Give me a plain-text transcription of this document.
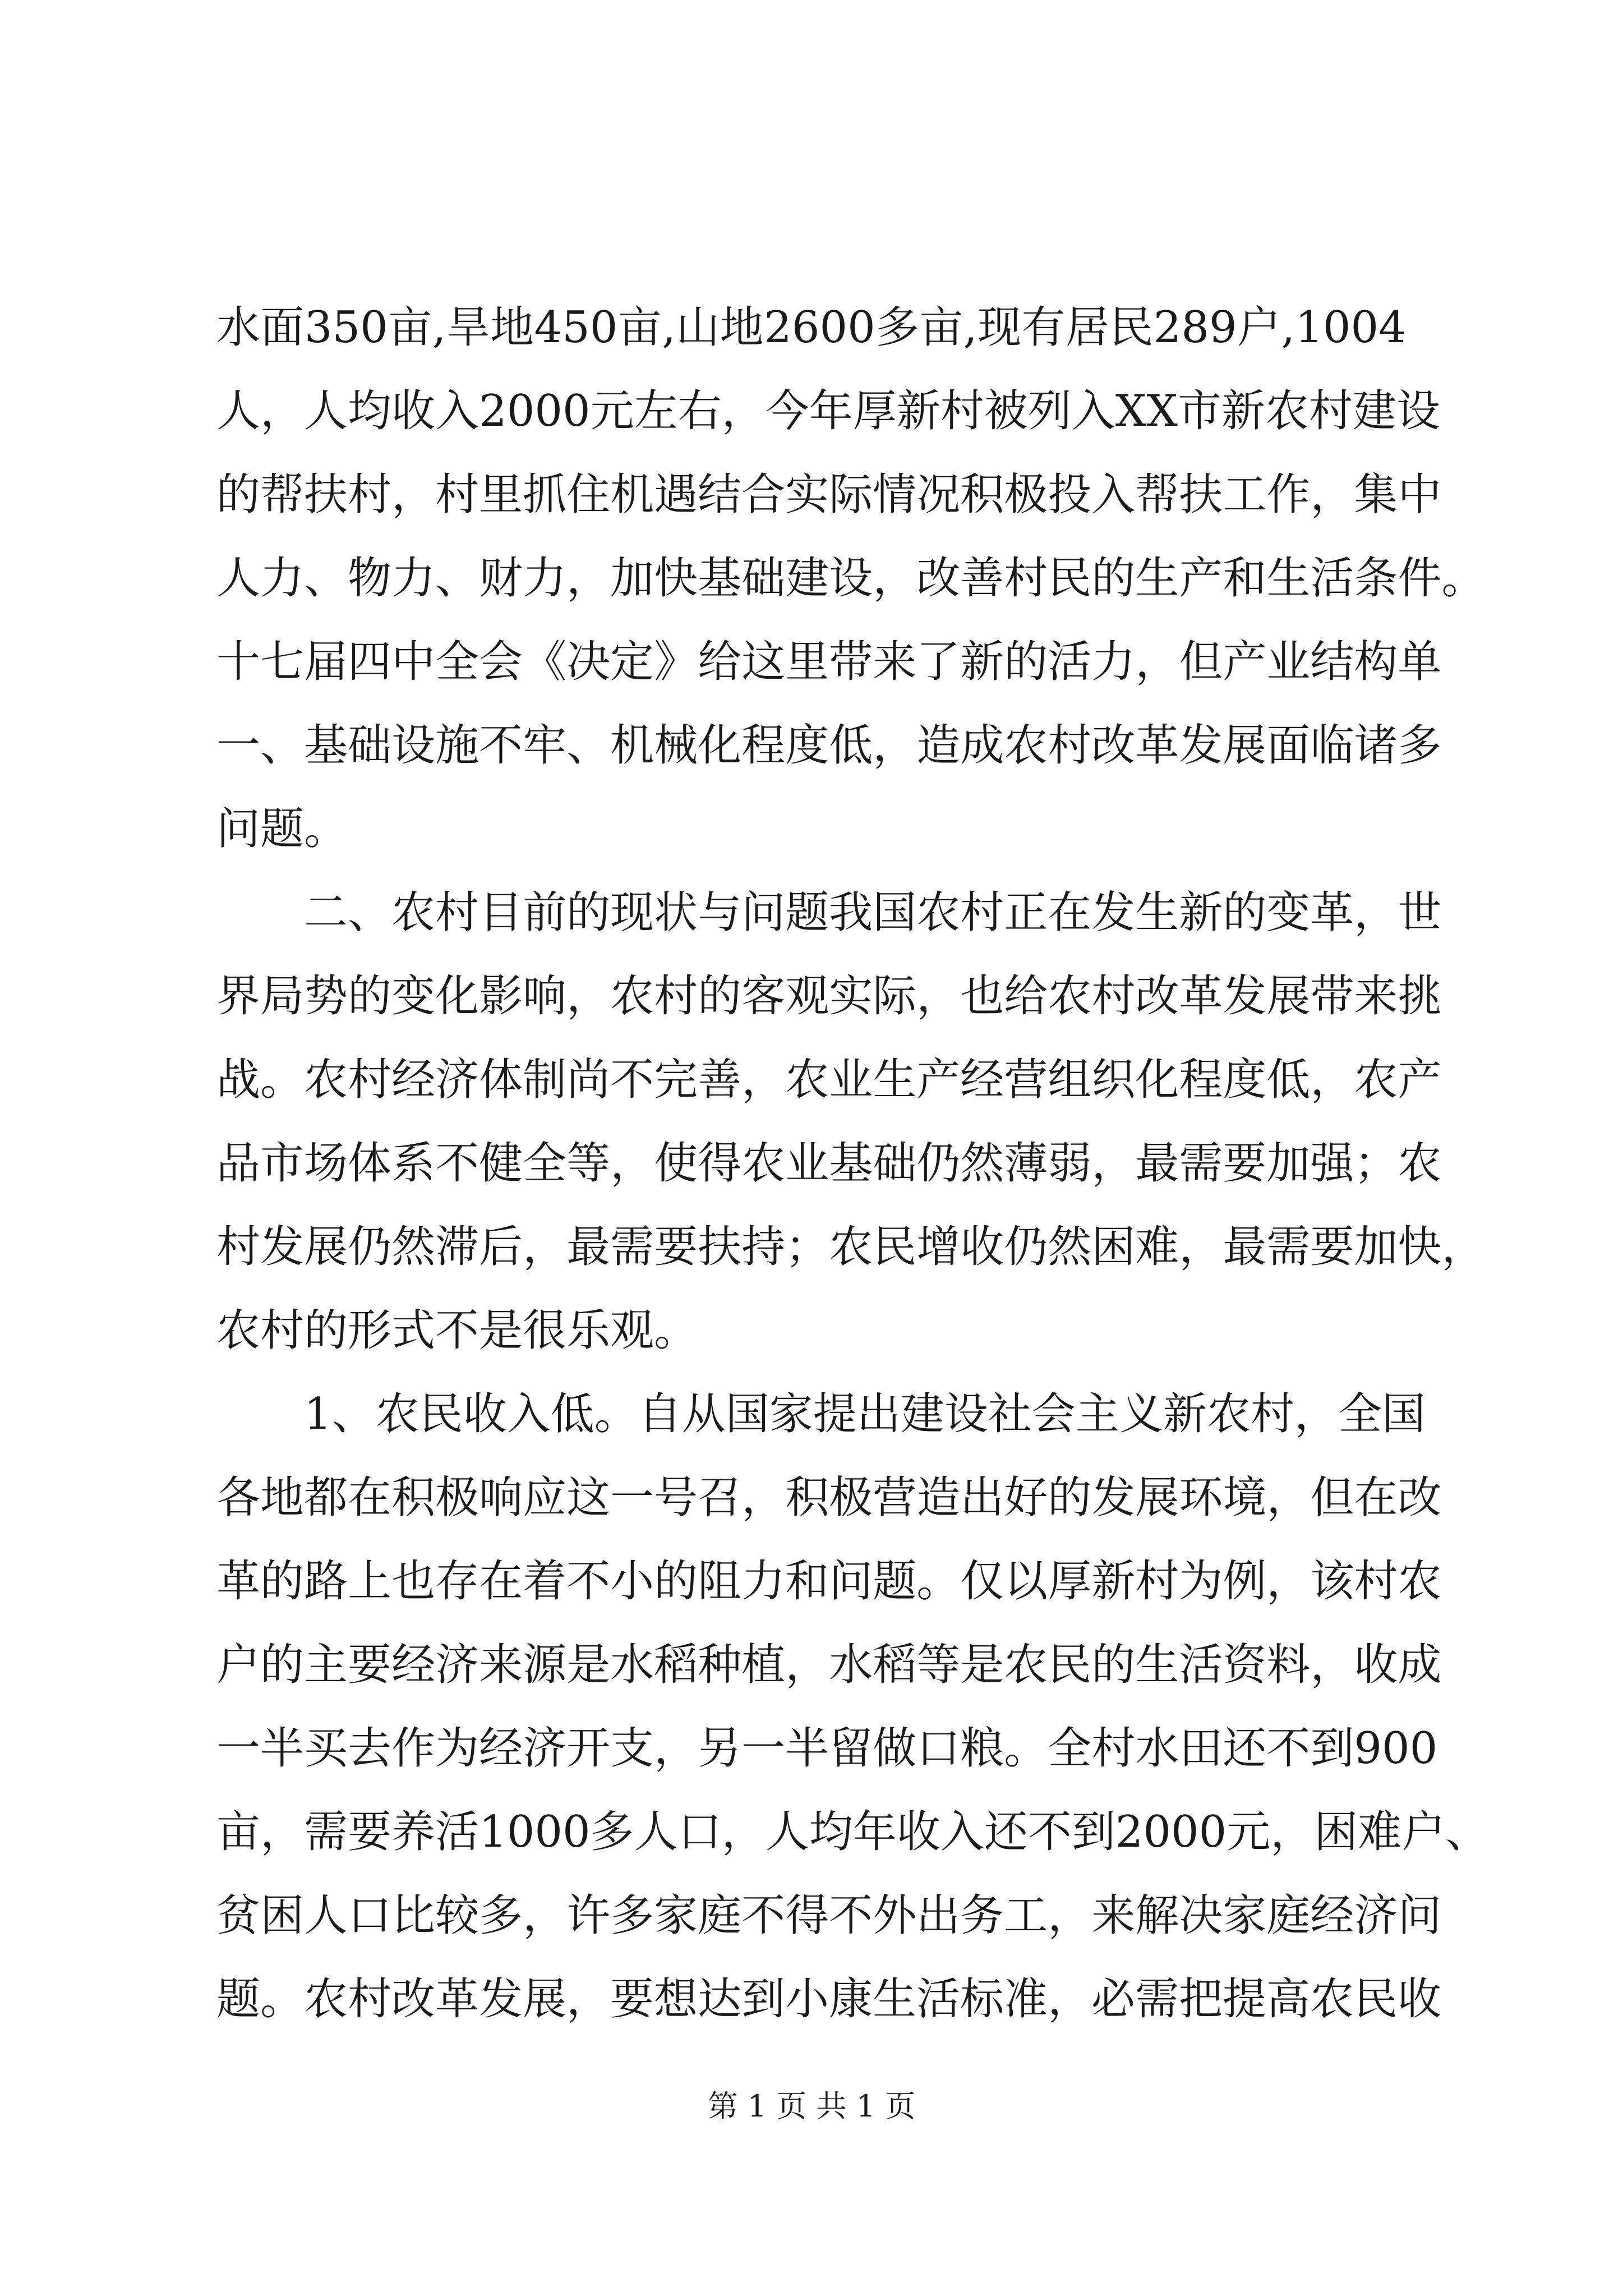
水 面 350 亩 , 旱 地 450 亩 , 山 地 2600 多 亩 , 现 有 居 民 289 户 ,1004
人 ， 人 均 收 入 2000 元 左 右 ， 今 年 厚 新 村 被 列 入 XX 市 新 农 村 建 设
的 帮 扶 村 ， 村 里 抓 住 机 遇 结 合 实 际 情 况 积 极 投 入 帮 扶 工 作 ， 集 中
人 力 、 物 力 、 财 力 ， 加 快 基 础 建 设 ， 改 善 村 民 的 生 产 和 生 活 条 件 。
十 七 届 四 中 全 会 《 决 定 》 给 这 里 带 来 了 新 的 活 力 ， 但 产 业 结 构 单
一 、 基 础 设 施 不 牢 、 机 械 化 程 度 低 ， 造 成 农 村 改 革 发 展 面 临 诸 多
问题。
二 、 农 村 目 前 的 现 状 与 问 题 我 国 农 村 正 在 发 生 新 的 变 革 ， 世
界 局 势 的 变 化 影 响 ， 农 村 的 客 观 实 际 ， 也 给 农 村 改 革 发 展 带 来 挑
战 。 农 村 经 济 体 制 尚 不 完 善 ， 农 业 生 产 经 营 组 织 化 程 度 低 ， 农 产
品 市 场 体 系 不 健 全 等 ， 使 得 农 业 基 础 仍 然 薄 弱 ， 最 需 要 加 强 ； 农
村 发 展 仍 然 滞 后 ， 最 需 要 扶 持 ； 农 民 增 收 仍 然 困 难 ， 最 需 要 加 快 ，
农村的形式不是很乐观。
1 、 农 民 收 入 低 。 自 从 国 家 提 出 建 设 社 会 主 义 新 农 村 ， 全 国
各 地 都 在 积 极 响 应 这 一 号 召 ， 积 极 营 造 出 好 的 发 展 环 境 ， 但 在 改
革 的 路 上 也 存 在 着 不 小 的 阻 力 和 问 题 。 仅 以 厚 新 村 为 例 ， 该 村 农
户 的 主 要 经 济 来 源 是 水 稻 种 植 ， 水 稻 等 是 农 民 的 生 活 资 料 ， 收 成
一 半 买 去 作 为 经 济 开 支 ， 另 一 半 留 做 口 粮 。 全 村 水 田 还 不 到 900
亩 ， 需 要 养 活 1000 多 人 口 ， 人 均 年 收 入 还 不 到 2000 元 ， 困 难 户 、
贫 困 人 口 比 较 多 ， 许 多 家 庭 不 得 不 外 出 务 工 ， 来 解 决 家 庭 经 济 问
题。农村改革发展，要想达到小康生活标准，必需把提高农民收
第 1 页 共 1 页
